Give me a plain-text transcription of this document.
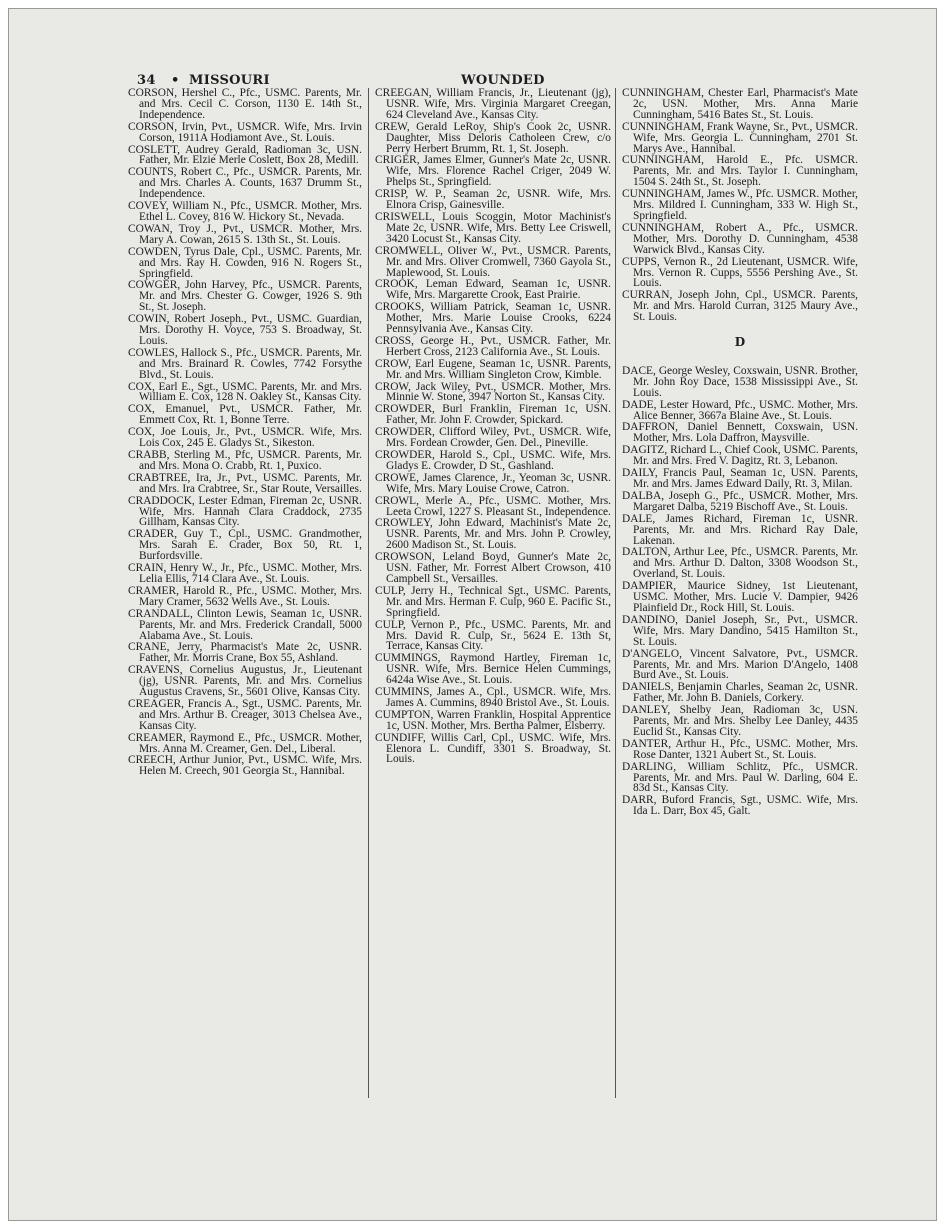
34 • MISSOURI	WOUNDED

CORSON, Hershel C., Pfc., USMC. Parents, Mr. and Mrs. Cecil C. Corson, 1130 E. 14th St., Independence.

CORSON, Irvin, Pvt., USMCR. Wife, Mrs. Irvin Corson, 1911A Hodiamont Ave., St. Louis.

COSLETT, Audrey Gerald, Radioman 3c, USN. Father, Mr. Elzie Merle Coslett, Box 28, Medill.

COUNTS, Robert C., Pfc., USMCR. Parents, Mr. and Mrs. Charles A. Counts, 1637 Drumm St., Independence.

COVEY, William N., Pfc., USMCR. Mother, Mrs. Ethel L. Covey, 816 W. Hickory St., Nevada.

COWAN, Troy J., Pvt., USMCR. Mother, Mrs. Mary A. Cowan, 2615 S. 13th St., St. Louis.

COWDEN, Tyrus Dale, Cpl., USMC. Parents, Mr. and Mrs. Ray H. Cowden, 916 N. Rogers St., Springfield.

COWGER, John Harvey, Pfc., USMCR. Parents, Mr. and Mrs. Chester G. Cowger, 1926 S. 9th St., St. Joseph.

COWIN, Robert Joseph., Pvt., USMC. Guardian, Mrs. Dorothy H. Voyce, 753 S. Broadway, St. Louis.

COWLES, Hallock S., Pfc., USMCR. Parents, Mr. and Mrs. Brainard R. Cowles, 7742 Forsythe Blvd., St. Louis.

COX, Earl E., Sgt., USMC. Parents, Mr. and Mrs. William E. Cox, 128 N. Oakley St., Kansas City.

COX, Emanuel, Pvt., USMCR. Father, Mr. Emmett Cox, Rt. 1, Bonne Terre.

COX, Joe Louis, Jr., Pvt., USMCR. Wife, Mrs. Lois Cox, 245 E. Gladys St., Sikeston.

CRABB, Sterling M., Pfc, USMCR. Parents, Mr. and Mrs. Mona O. Crabb, Rt. 1, Puxico.

CRABTREE, Ira, Jr., Pvt., USMC. Parents, Mr. and Mrs. Ira Crabtree, Sr., Star Route, Versailles.

CRADDOCK, Lester Edman, Fireman 2c, USNR. Wife, Mrs. Hannah Clara Craddock, 2735 Gillham, Kansas City.

CRADER, Guy T., Cpl., USMC. Grandmother, Mrs. Sarah E. Crader, Box 50, Rt. 1, Burfordsville.

CRAIN, Henry W., Jr., Pfc., USMC. Mother, Mrs. Lelia Ellis, 714 Clara Ave., St. Louis.

CRAMER, Harold R., Pfc., USMC. Mother, Mrs. Mary Cramer, 5632 Wells Ave., St. Louis.

CRANDALL, Clinton Lewis, Seaman 1c, USNR. Parents, Mr. and Mrs. Frederick Crandall, 5000 Alabama Ave., St. Louis.

CRANE, Jerry, Pharmacist's Mate 2c, USNR. Father, Mr. Morris Crane, Box 55, Ashland.

CRAVENS, Cornelius Augustus, Jr., Lieutenant (jg), USNR. Parents, Mr. and Mrs. Cornelius Augustus Cravens, Sr., 5601 Olive, Kansas City.

CREAGER, Francis A., Sgt., USMC. Parents, Mr. and Mrs. Arthur B. Creager, 3013 Chelsea Ave., Kansas City.

CREAMER, Raymond E., Pfc., USMCR. Mother, Mrs. Anna M. Creamer, Gen. Del., Liberal.

CREECH, Arthur Junior, Pvt., USMC. Wife, Mrs. Helen M. Creech, 901 Georgia St., Hannibal.

CREEGAN, William Francis, Jr., Lieutenant (jg), USNR. Wife, Mrs. Virginia Margaret Creegan, 624 Cleveland Ave., Kansas City.

CREW, Gerald LeRoy, Ship's Cook 2c, USNR. Daughter, Miss Deloris Catholeen Crew, c/o Perry Herbert Brumm, Rt. 1, St. Joseph.

CRIGER, James Elmer, Gunner's Mate 2c, USNR. Wife, Mrs. Florence Rachel Criger, 2049 W. Phelps St., Springfield.

CRISP, W. P., Seaman 2c, USNR. Wife, Mrs. Elnora Crisp, Gainesville.

CRISWELL, Louis Scoggin, Motor Machinist's Mate 2c, USNR. Wife, Mrs. Betty Lee Criswell, 3420 Locust St., Kansas City.

CROMWELL, Oliver W., Pvt., USMCR. Parents, Mr. and Mrs. Oliver Cromwell, 7360 Gayola St., Maplewood, St. Louis.

CROOK, Leman Edward, Seaman 1c, USNR. Wife, Mrs. Margarette Crook, East Prairie.

CROOKS, William Patrick, Seaman 1c, USNR. Mother, Mrs. Marie Louise Crooks, 6224 Pennsylvania Ave., Kansas City.

CROSS, George H., Pvt., USMCR. Father, Mr. Herbert Cross, 2123 California Ave., St. Louis.

CROW, Earl Eugene, Seaman 1c, USNR. Parents, Mr. and Mrs. William Singleton Crow, Kimble.

CROW, Jack Wiley, Pvt., USMCR. Mother, Mrs. Minnie W. Stone, 3947 Norton St., Kansas City.

CROWDER, Burl Franklin, Fireman 1c, USN. Father, Mr. John F. Crowder, Spickard.

CROWDER, Clifford Wiley, Pvt., USMCR. Wife, Mrs. Fordean Crowder, Gen. Del., Pineville.

CROWDER, Harold S., Cpl., USMC. Wife, Mrs. Gladys E. Crowder, D St., Gashland.

CROWE, James Clarence, Jr., Yeoman 3c, USNR. Wife, Mrs. Mary Louise Crowe, Catron.

CROWL, Merle A., Pfc., USMC. Mother, Mrs. Leeta Crowl, 1227 S. Pleasant St., Independence.

CROWLEY, John Edward, Machinist's Mate 2c, USNR. Parents, Mr. and Mrs. John P. Crowley, 2600 Madison St., St. Louis.

CROWSON, Leland Boyd, Gunner's Mate 2c, USN. Father, Mr. Forrest Albert Crowson, 410 Campbell St., Versailles.

CULP, Jerry H., Technical Sgt., USMC. Parents, Mr. and Mrs. Herman F. Culp, 960 E. Pacific St., Springfield.

CULP, Vernon P., Pfc., USMC. Parents, Mr. and Mrs. David R. Culp, Sr., 5624 E. 13th St, Terrace, Kansas City.

CUMMINGS, Raymond Hartley, Fireman 1c, USNR. Wife, Mrs. Bernice Helen Cummings, 6424a Wise Ave., St. Louis.

CUMMINS, James A., Cpl., USMCR. Wife, Mrs. James A. Cummins, 8940 Bristol Ave., St. Louis.

CUMPTON, Warren Franklin, Hospital Apprentice 1c, USN. Mother, Mrs. Bertha Palmer, Elsberry.

CUNDIFF, Willis Carl, Cpl., USMC. Wife, Mrs. Elenora L. Cundiff, 3301 S. Broadway, St. Louis.

CUNNINGHAM, Chester Earl, Pharmacist's Mate 2c, USN. Mother, Mrs. Anna Marie Cunningham, 5416 Bates St., St. Louis.

CUNNINGHAM, Frank Wayne, Sr., Pvt., USMCR. Wife, Mrs. Georgia L. Cunningham, 2701 St. Marys Ave., Hannibal.

CUNNINGHAM, Harold E., Pfc. USMCR. Parents, Mr. and Mrs. Taylor I. Cunningham, 1504 S. 24th St., St. Joseph.

CUNNINGHAM, James W., Pfc. USMCR. Mother, Mrs. Mildred I. Cunningham, 333 W. High St., Springfield.

CUNNINGHAM, Robert A., Pfc., USMCR. Mother, Mrs. Dorothy D. Cunningham, 4538 Warwick Blvd., Kansas City.

CUPPS, Vernon R., 2d Lieutenant, USMCR. Wife, Mrs. Vernon R. Cupps, 5556 Pershing Ave., St. Louis.

CURRAN, Joseph John, Cpl., USMCR. Parents, Mr. and Mrs. Harold Curran, 3125 Maury Ave., St. Louis.

D

DACE, George Wesley, Coxswain, USNR. Brother, Mr. John Roy Dace, 1538 Mississippi Ave., St. Louis.

DADE, Lester Howard, Pfc., USMC. Mother, Mrs. Alice Benner, 3667a Blaine Ave., St. Louis.

DAFFRON, Daniel Bennett, Coxswain, USN. Mother, Mrs. Lola Daffron, Maysville.

DAGITZ, Richard L., Chief Cook, USMC. Parents, Mr. and Mrs. Fred V. Dagitz, Rt. 3, Lebanon.

DAILY, Francis Paul, Seaman 1c, USN. Parents, Mr. and Mrs. James Edward Daily, Rt. 3, Milan.

DALBA, Joseph G., Pfc., USMCR. Mother, Mrs. Margaret Dalba, 5219 Bischoff Ave., St. Louis.

DALE, James Richard, Fireman 1c, USNR. Parents, Mr. and Mrs. Richard Ray Dale, Lakenan.

DALTON, Arthur Lee, Pfc., USMCR. Parents, Mr. and Mrs. Arthur D. Dalton, 3308 Woodson St., Overland, St. Louis.

DAMPIER, Maurice Sidney, 1st Lieutenant, USMC. Mother, Mrs. Lucie V. Dampier, 9426 Plainfield Dr., Rock Hill, St. Louis.

DANDINO, Daniel Joseph, Sr., Pvt., USMCR. Wife, Mrs. Mary Dandino, 5415 Hamilton St., St. Louis.

D'ANGELO, Vincent Salvatore, Pvt., USMCR. Parents, Mr. and Mrs. Marion D'Angelo, 1408 Burd Ave., St. Louis.

DANIELS, Benjamin Charles, Seaman 2c, USNR. Father, Mr. John B. Daniels, Corkery.

DANLEY, Shelby Jean, Radioman 3c, USN. Parents, Mr. and Mrs. Shelby Lee Danley, 4435 Euclid St., Kansas City.

DANTER, Arthur H., Pfc., USMC. Mother, Mrs. Rose Danter, 1321 Aubert St., St. Louis.

DARLING, William Schlitz, Pfc., USMCR. Parents, Mr. and Mrs. Paul W. Darling, 604 E. 83d St., Kansas City.

DARR, Buford Francis, Sgt., USMC. Wife, Mrs. Ida L. Darr, Box 45, Galt.
